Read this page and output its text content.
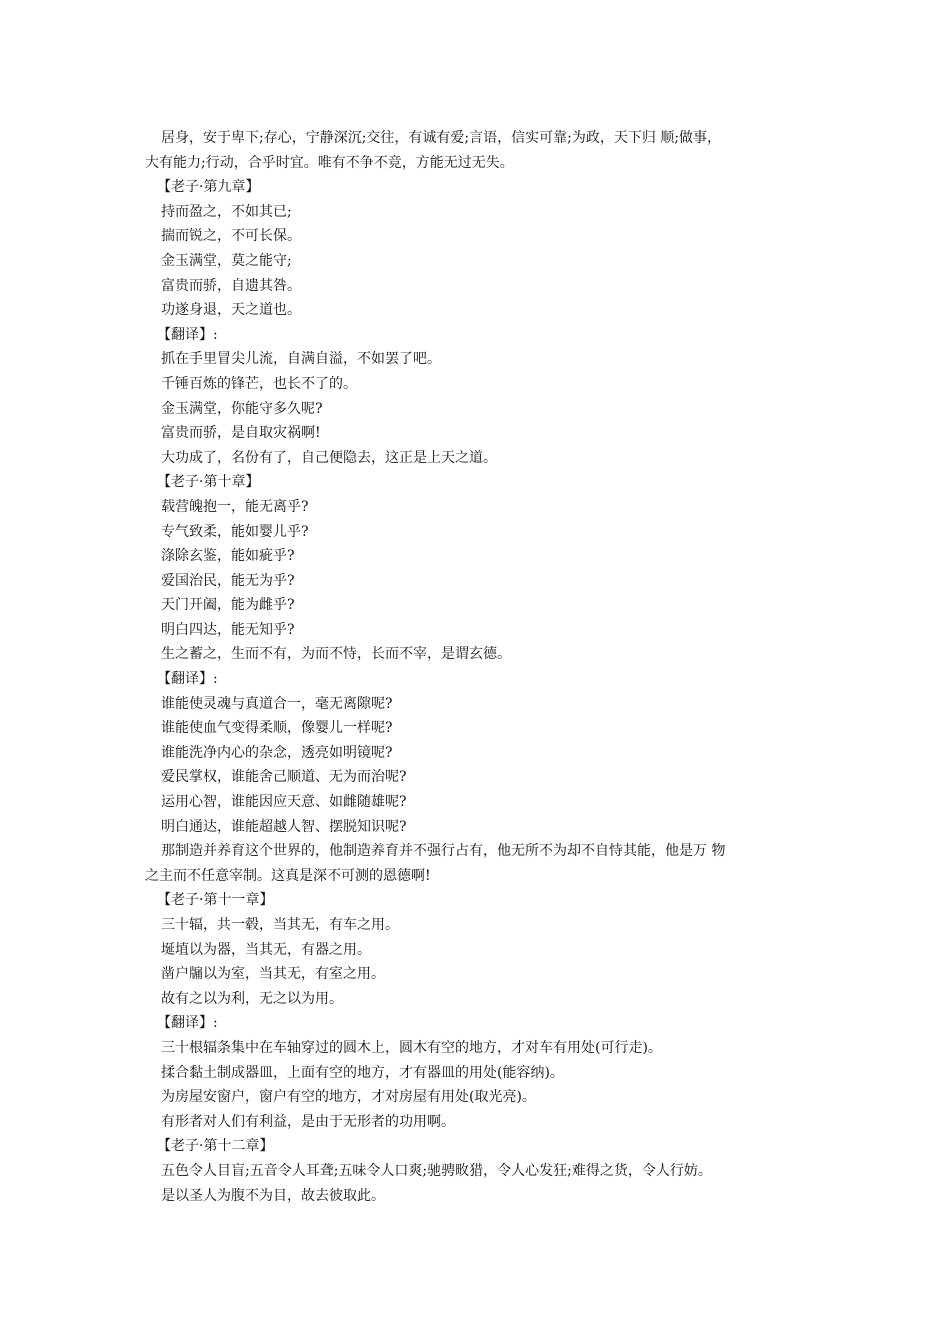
居身，安于卑下;存心，宁静深沉;交往，有诚有爱;言语，信实可靠;为政，天下归 顺;做事，
大有能力;行动，合乎时宜。唯有不争不竞，方能无过无失。
【老子·第九章】
持而盈之，不如其已;
揣而锐之，不可长保。
金玉满堂，莫之能守;
富贵而骄，自遗其咎。
功遂身退，天之道也。
【翻译】:
抓在手里冒尖儿流，自满自溢，不如罢了吧。
千锤百炼的锋芒，也长不了的。
金玉满堂，你能守多久呢?
富贵而骄，是自取灾祸啊!
大功成了，名份有了，自己便隐去，这正是上天之道。
【老子·第十章】
载营魄抱一，能无离乎?
专气致柔，能如婴儿乎?
涤除玄鉴，能如疵乎?
爱国治民，能无为乎?
天门开阖，能为雌乎?
明白四达，能无知乎?
生之蓄之，生而不有，为而不恃，长而不宰，是谓玄德。
【翻译】:
谁能使灵魂与真道合一，毫无离隙呢?
谁能使血气变得柔顺，像婴儿一样呢?
谁能洗净内心的杂念，透亮如明镜呢?
爱民掌权，谁能舍己顺道、无为而治呢?
运用心智，谁能因应天意、如雌随雄呢?
明白通达，谁能超越人智、摆脱知识呢?
那制造并养育这个世界的，他制造养育并不强行占有，他无所不为却不自恃其能，他是万 物
之主而不任意宰制。这真是深不可测的恩德啊!
【老子·第十一章】
三十辐，共一毂，当其无，有车之用。
埏埴以为器，当其无，有器之用。
凿户牖以为室，当其无，有室之用。
故有之以为利，无之以为用。
【翻译】:
三十根辐条集中在车轴穿过的圆木上，圆木有空的地方，才对车有用处(可行走)。
揉合黏土制成器皿，上面有空的地方，才有器皿的用处(能容纳)。
为房屋安窗户，窗户有空的地方，才对房屋有用处(取光亮)。
有形者对人们有利益，是由于无形者的功用啊。
【老子·第十二章】
五色令人目盲;五音令人耳聋;五味令人口爽;驰骋畋猎，令人心发狂;难得之货，令人行妨。
是以圣人为腹不为目，故去彼取此。
